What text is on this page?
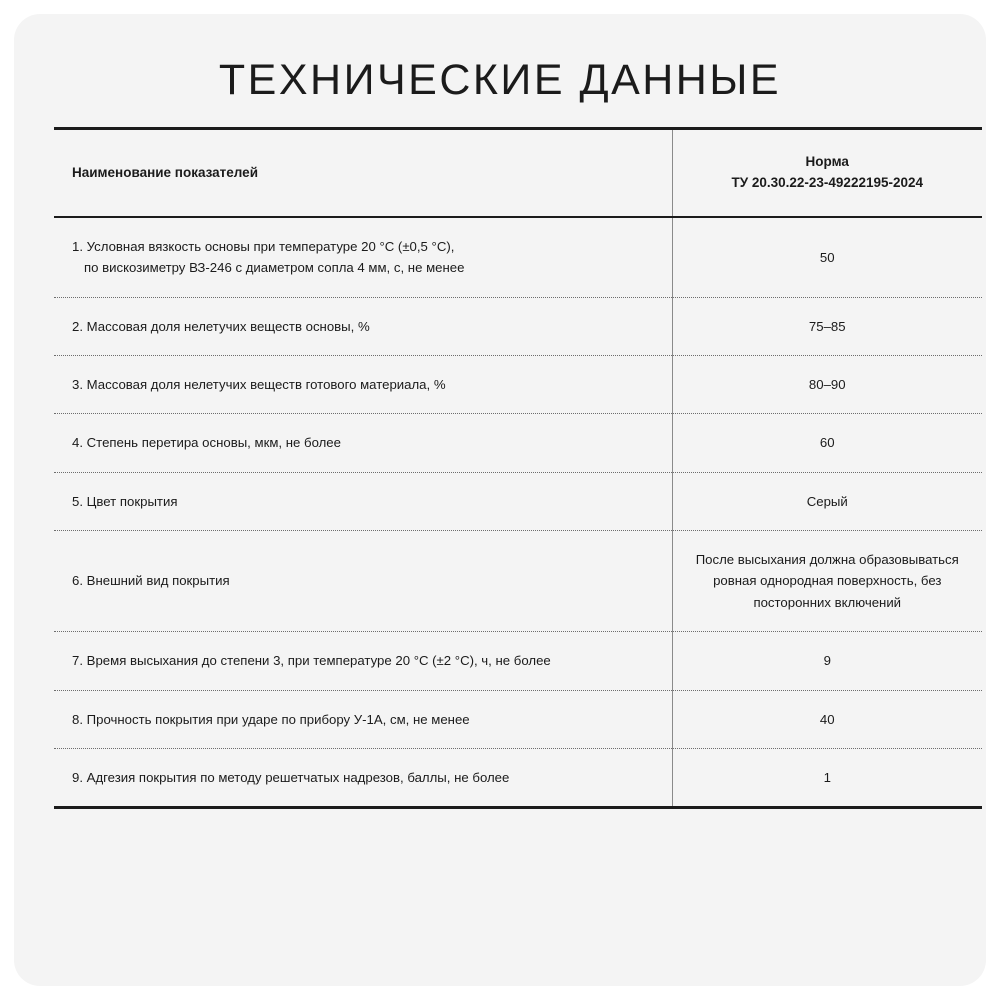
ТЕХНИЧЕСКИЕ ДАННЫЕ
Наименование показателей	Норма
ТУ 20.30.22-23-49222195-2024

1. Условная вязкость основы при температуре 20 °С (±0,5 °С),
по вискозиметру ВЗ-246 с диаметром сопла 4 мм, с, не менее	50
2. Массовая доля нелетучих веществ основы, %	75–85
3. Массовая доля нелетучих веществ готового материала, %	80–90
4. Степень перетира основы, мкм, не более	60
5. Цвет покрытия	Серый
6. Внешний вид покрытия	После высыхания должна образовываться ровная однородная поверхность, без посторонних включений
7. Время высыхания до степени 3, при температуре 20 °С (±2 °С), ч, не более	9
8. Прочность покрытия при ударе по прибору У-1А, см, не менее	40
9. Адгезия покрытия по методу решетчатых надрезов, баллы, не более	1
